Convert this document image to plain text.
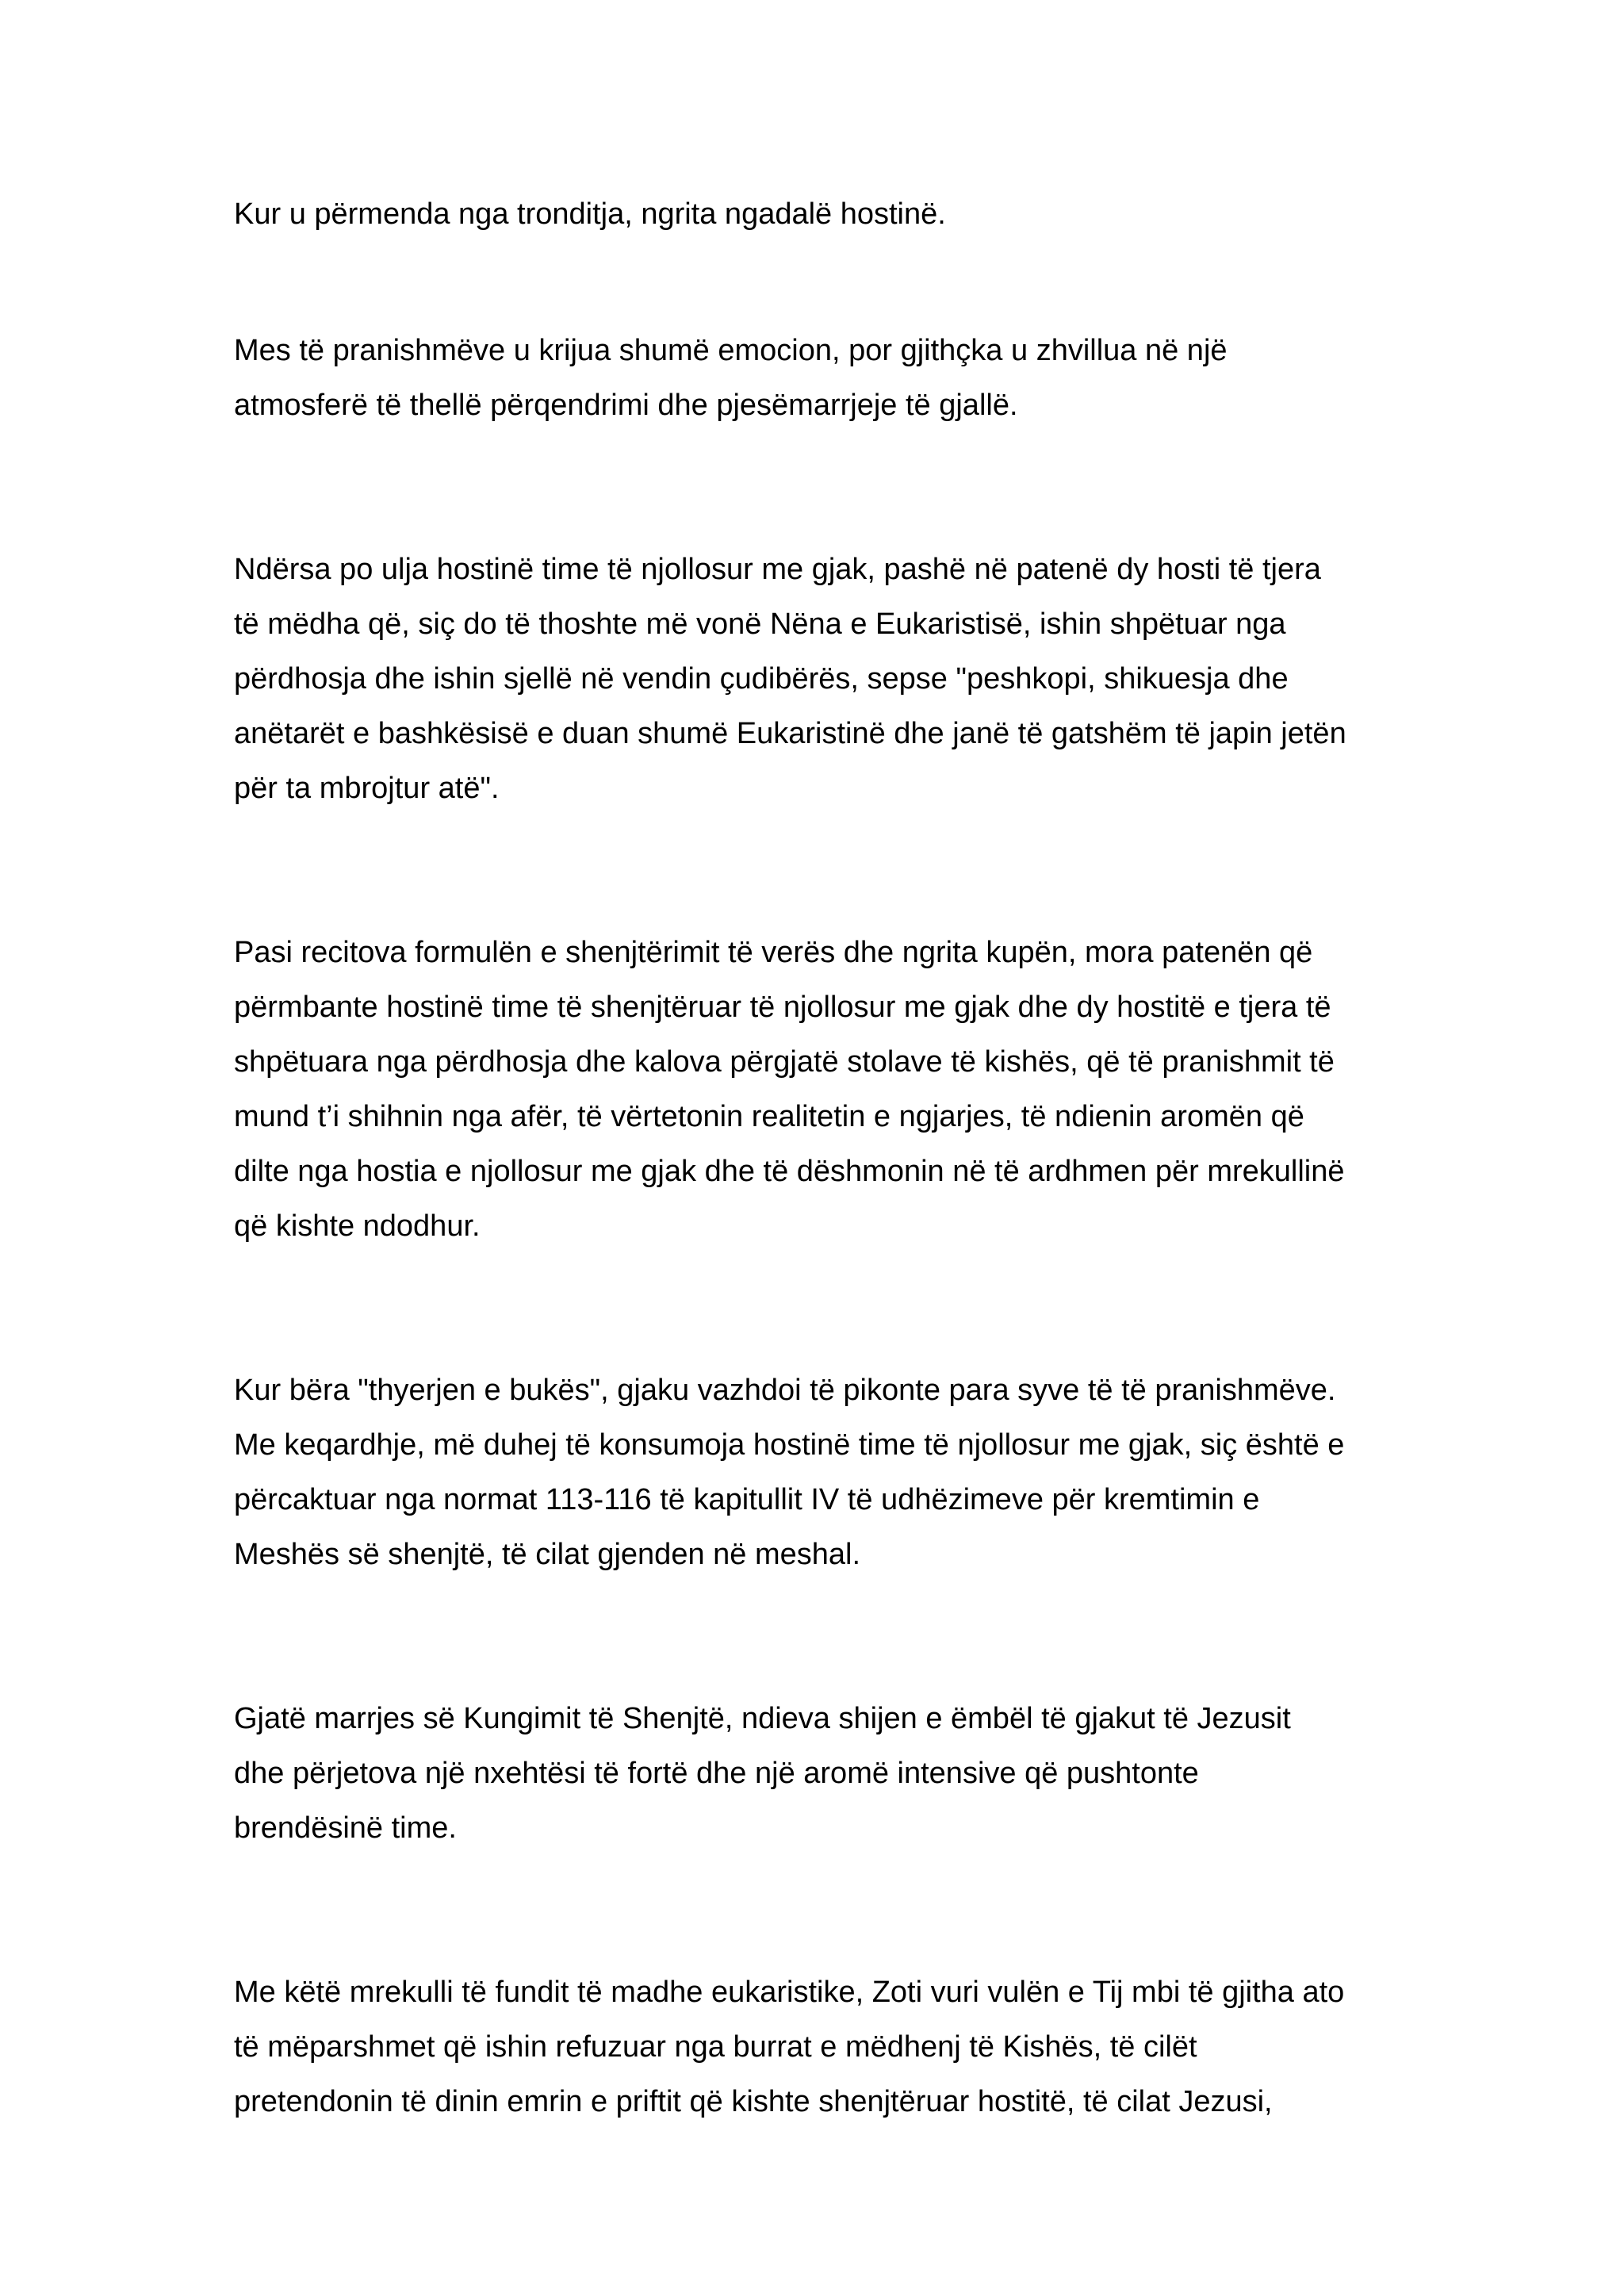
Kur u përmenda nga tronditja, ngrita ngadalë hostinë.

Mes të pranishmëve u krijua shumë emocion, por gjithçka u zhvillua në një
atmosferë të thellë përqendrimi dhe pjesëmarrjeje të gjallë.

Ndërsa po ulja hostinë time të njollosur me gjak, pashë në patenë dy hosti të tjera
të mëdha që, siç do të thoshte më vonë Nëna e Eukaristisë, ishin shpëtuar nga
përdhosja dhe ishin sjellë në vendin çudibërës, sepse "peshkopi, shikuesja dhe
anëtarët e bashkësisë e duan shumë Eukaristinë dhe janë të gatshëm të japin jetën
për ta mbrojtur atë".

Pasi recitova formulën e shenjtërimit të verës dhe ngrita kupën, mora patenën që
përmbante hostinë time të shenjtëruar të njollosur me gjak dhe dy hostitë e tjera të
shpëtuara nga përdhosja dhe kalova përgjatë stolave të kishës, që të pranishmit të
mund t’i shihnin nga afër, të vërtetonin realitetin e ngjarjes, të ndienin aromën që
dilte nga hostia e njollosur me gjak dhe të dëshmonin në të ardhmen për mrekullinë
që kishte ndodhur.

Kur bëra "thyerjen e bukës", gjaku vazhdoi të pikonte para syve të të pranishmëve.
Me keqardhje, më duhej të konsumoja hostinë time të njollosur me gjak, siç është e
përcaktuar nga normat 113-116 të kapitullit IV të udhëzimeve për kremtimin e
Meshës së shenjtë, të cilat gjenden në meshal.

Gjatë marrjes së Kungimit të Shenjtë, ndieva shijen e ëmbël të gjakut të Jezusit
dhe përjetova një nxehtësi të fortë dhe një aromë intensive që pushtonte
brendësinë time.

Me këtë mrekulli të fundit të madhe eukaristike, Zoti vuri vulën e Tij mbi të gjitha ato
të mëparshmet që ishin refuzuar nga burrat e mëdhenj të Kishës, të cilët
pretendonin të dinin emrin e priftit që kishte shenjtëruar hostitë, të cilat Jezusi,
